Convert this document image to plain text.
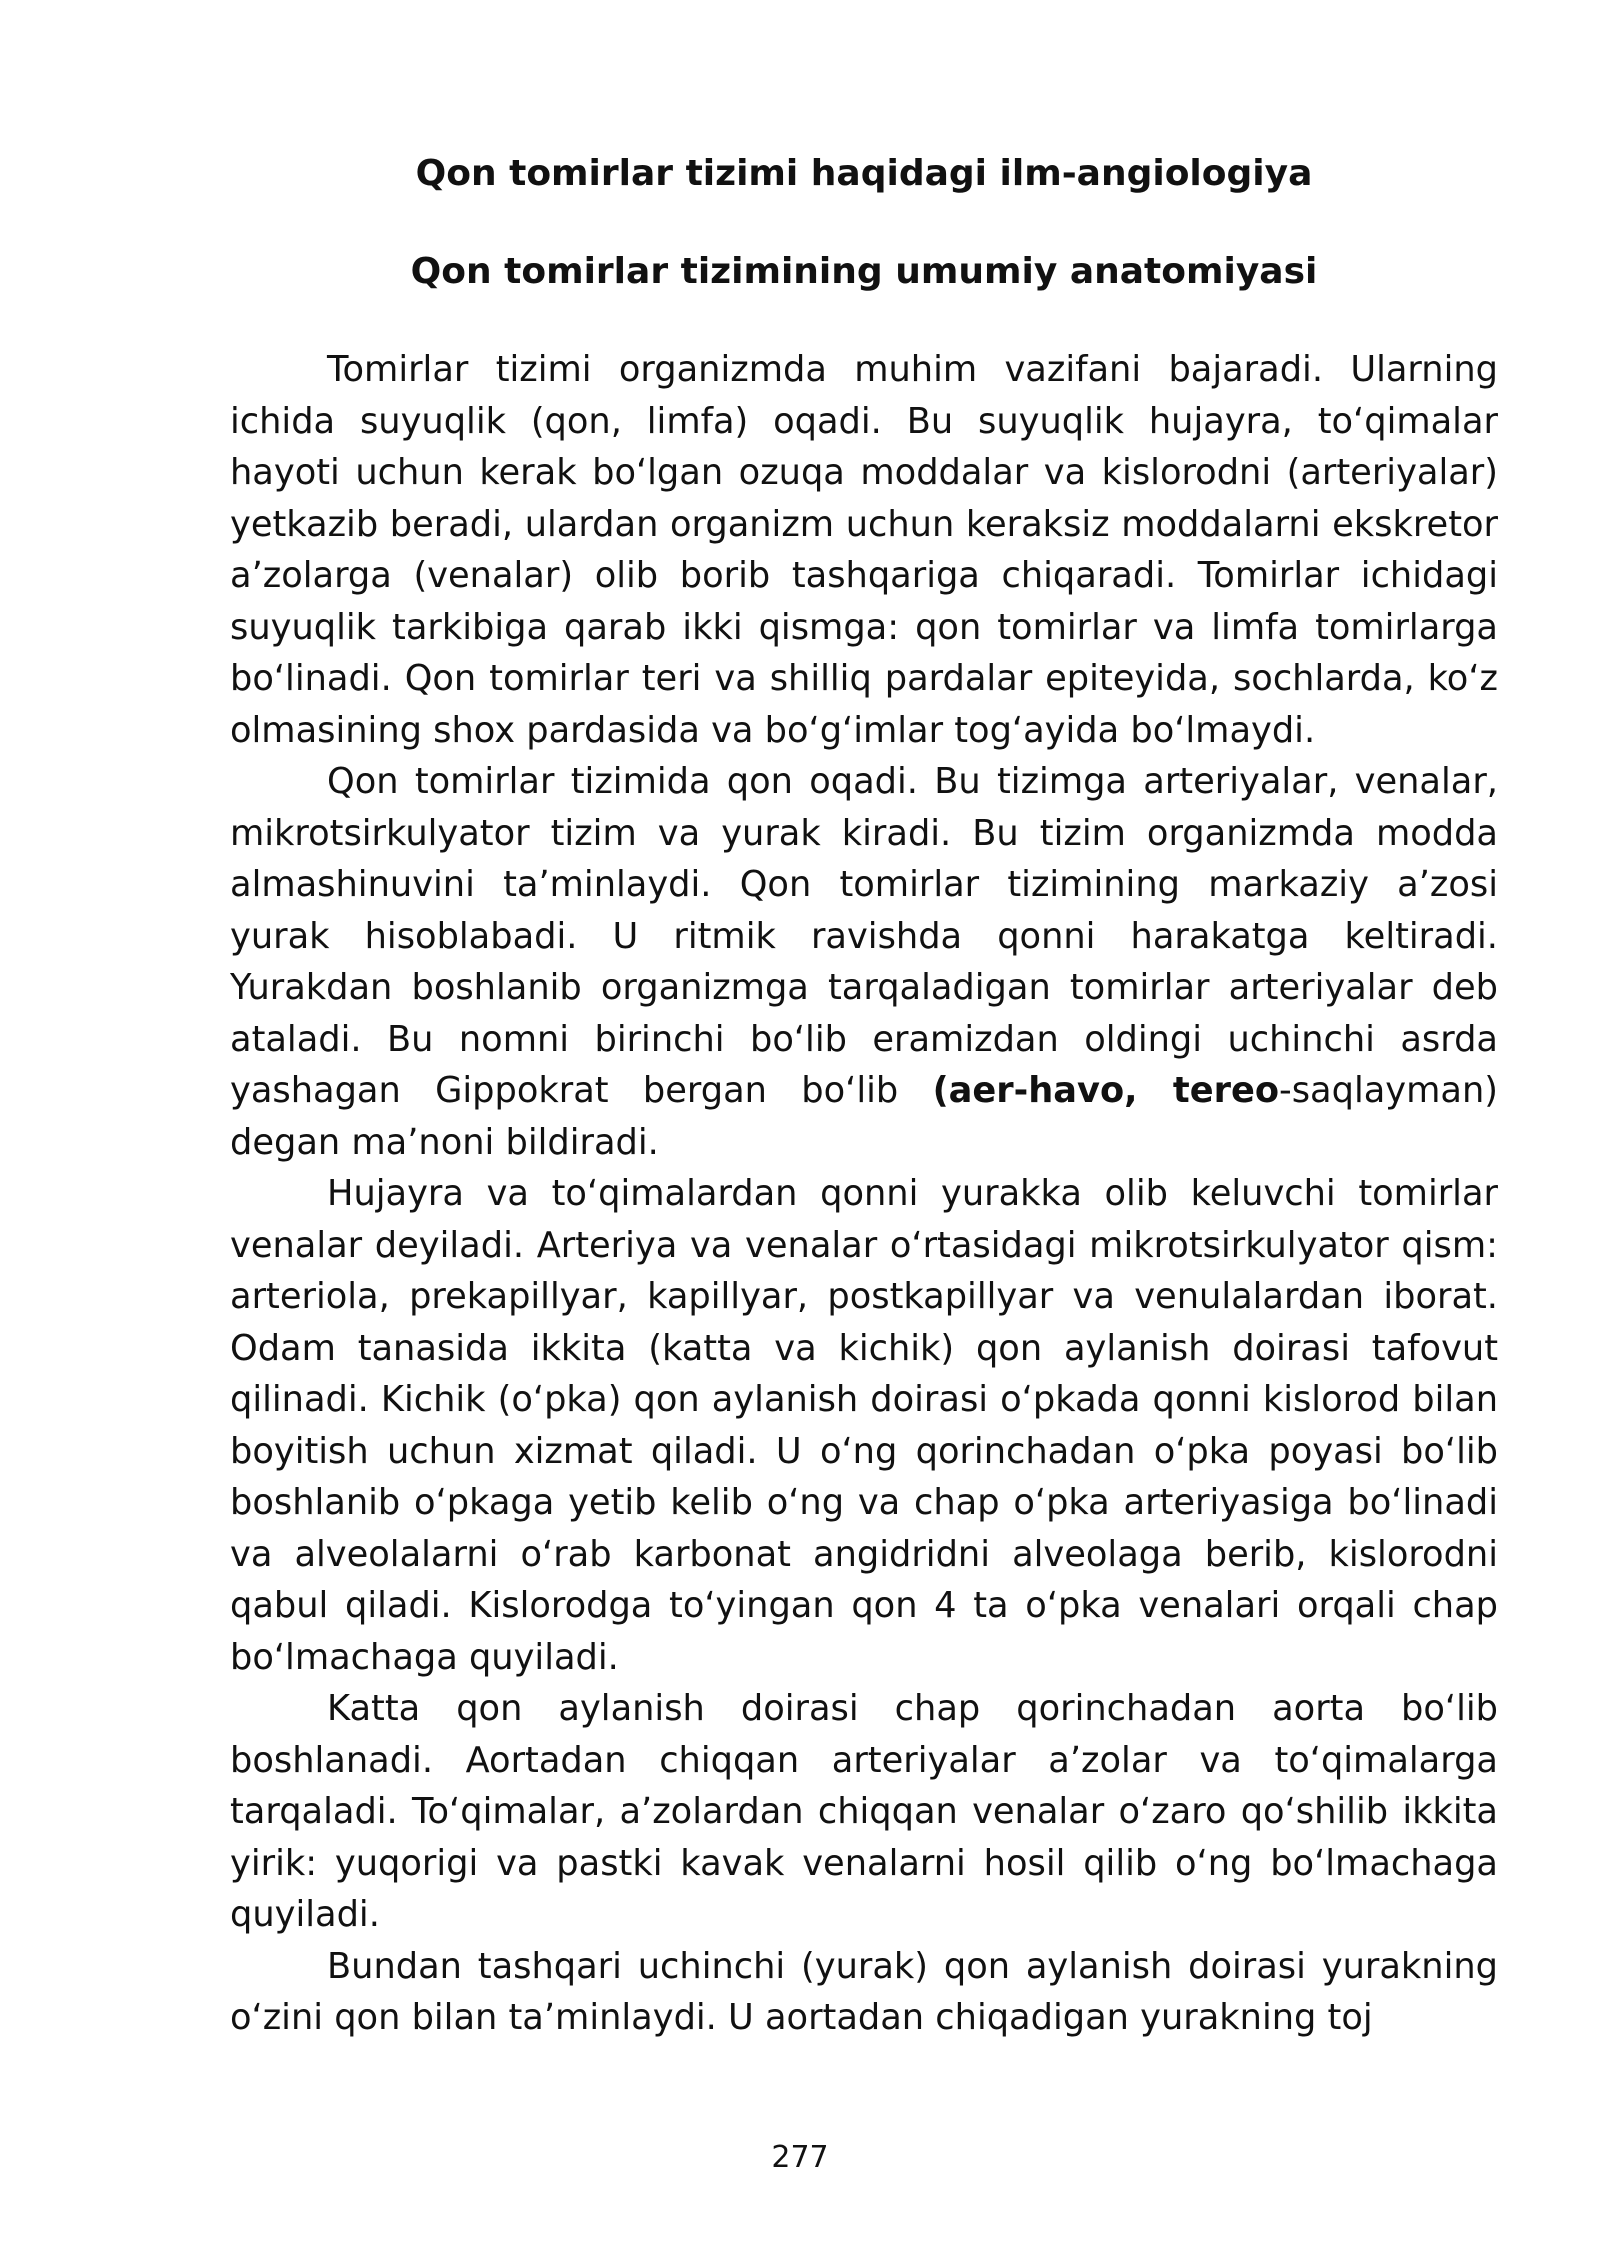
Qon tomirlar tizimi haqidagi ilm-angiologiya
Qon tomirlar tizimining umumiy anatomiyasi

Tomirlar tizimi organizmda muhim vazifani bajaradi. Ularning ichida suyuqlik (qon, limfa) oqadi. Bu suyuqlik hujayra, to‘qimalar hayoti uchun kerak bo‘lgan ozuqa moddalar va kislorodni (arteriyalar) yetkazib beradi, ulardan organizm uchun keraksiz moddalarni ekskretor a’zolarga (venalar) olib borib tashqariga chiqaradi. Tomirlar ichidagi suyuqlik tarkibiga qarab ikki qismga: qon tomirlar va limfa tomirlarga bo‘linadi. Qon tomirlar teri va shilliq pardalar epiteyida, sochlarda, ko‘z olmasining shox pardasida va bo‘g‘imlar tog‘ayida bo‘lmaydi.

Qon tomirlar tizimida qon oqadi. Bu tizimga arteriyalar, venalar, mikrotsirkulyator tizim va yurak kiradi. Bu tizim organizmda modda almashinuvini ta’minlaydi. Qon tomirlar tizimining markaziy a’zosi yurak hisoblabadi. U ritmik ravishda qonni harakatga keltiradi. Yurakdan boshlanib organizmga tarqaladigan tomirlar arteriyalar deb ataladi. Bu nomni birinchi bo‘lib eramizdan oldingi uchinchi asrda yashagan Gippokrat bergan bo‘lib (aer-havo, tereo-saqlayman) degan ma’noni bildiradi.

Hujayra va to‘qimalardan qonni yurakka olib keluvchi tomirlar venalar deyiladi. Arteriya va venalar o‘rtasidagi mikrotsirkulyator qism: arteriola, prekapillyar, kapillyar, postkapillyar va venulalardan iborat. Odam tanasida ikkita (katta va kichik) qon aylanish doirasi tafovut qilinadi. Kichik (o‘pka) qon aylanish doirasi o‘pkada qonni kislorod bilan boyitish uchun xizmat qiladi. U o‘ng qorinchadan o‘pka poyasi bo‘lib boshlanib o‘pkaga yetib kelib o‘ng va chap o‘pka arteriyasiga bo‘linadi va alveolalarni o‘rab karbonat angidridni alveolaga berib, kislorodni qabul qiladi. Kislorodga to‘yingan qon 4 ta o‘pka venalari orqali chap bo‘lmachaga quyiladi.

Katta qon aylanish doirasi chap qorinchadan aorta bo‘lib boshlanadi. Aortadan chiqqan arteriyalar a’zolar va to‘qimalarga tarqaladi. To‘qimalar, a’zolardan chiqqan venalar o‘zaro qo‘shilib ikkita yirik: yuqorigi va pastki kavak venalarni hosil qilib o‘ng bo‘lmachaga quyiladi.

Bundan tashqari uchinchi (yurak) qon aylanish doirasi yurakning o‘zini qon bilan ta’minlaydi. U aortadan chiqadigan yurakning toj

277
